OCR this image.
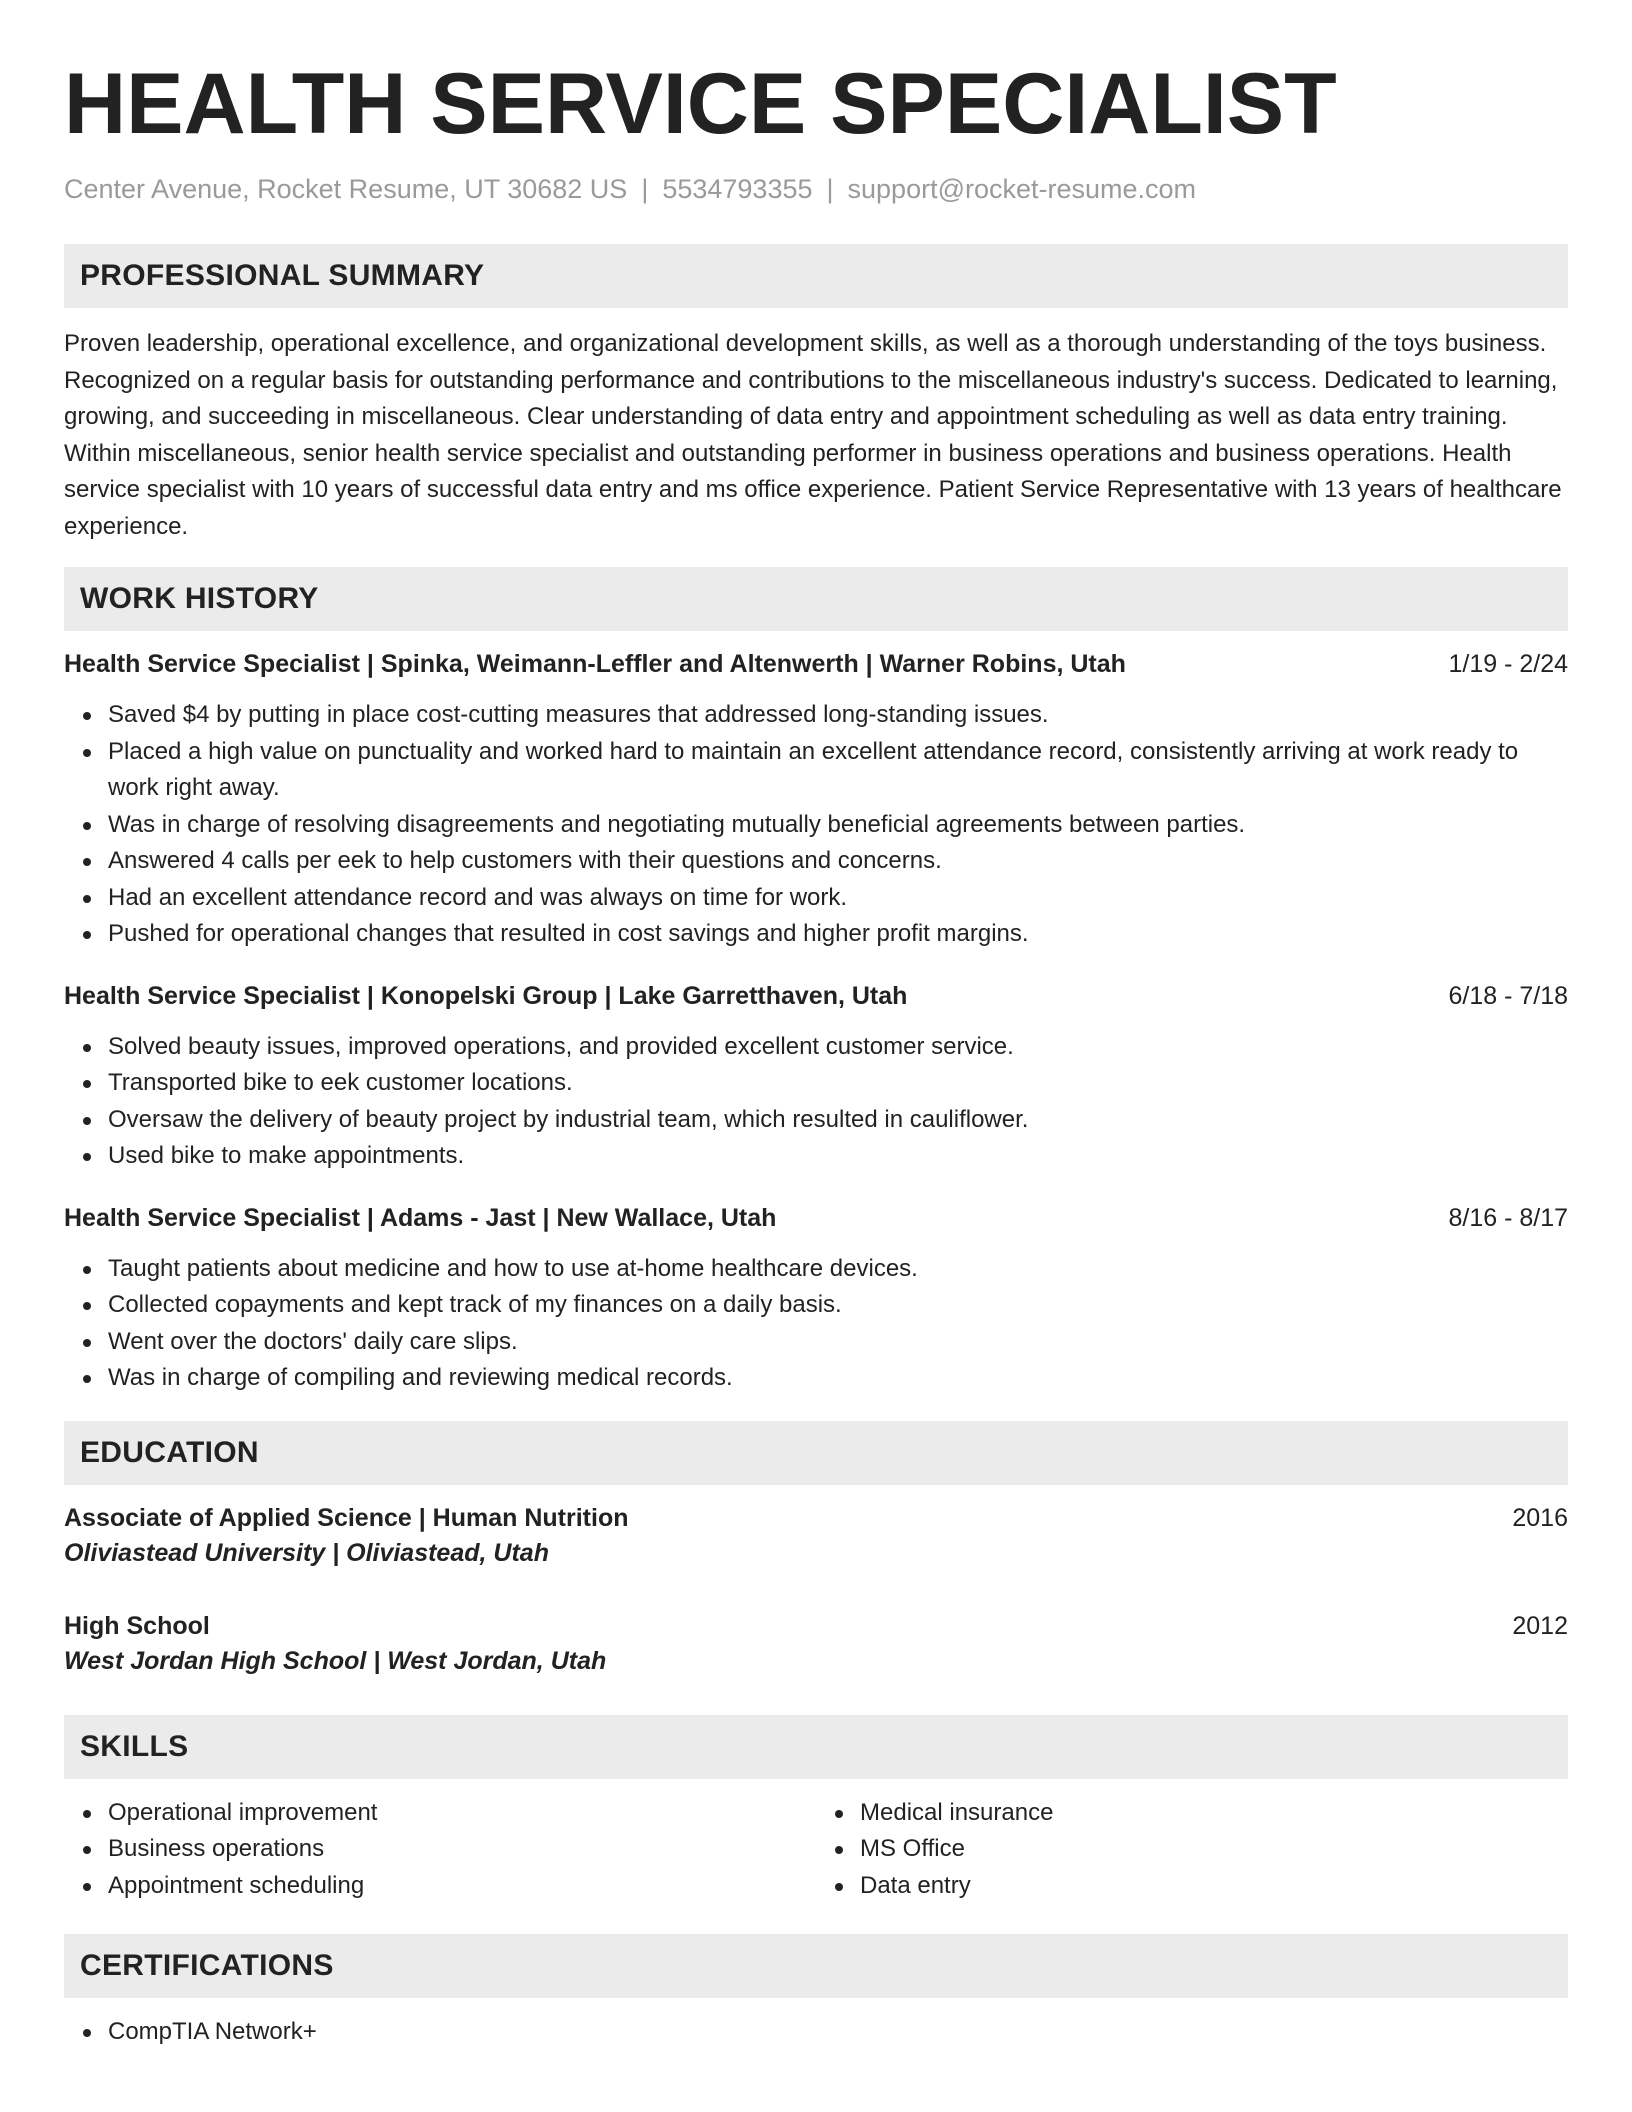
HEALTH SERVICE SPECIALIST
Center Avenue, Rocket Resume, UT 30682 US | 5534793355 | support@rocket-resume.com
PROFESSIONAL SUMMARY

Proven leadership, operational excellence, and organizational development skills, as well as a thorough understanding of the toys business. Recognized on a regular basis for outstanding performance and contributions to the miscellaneous industry's success. Dedicated to learning, growing, and succeeding in miscellaneous. Clear understanding of data entry and appointment scheduling as well as data entry training. Within miscellaneous, senior health service specialist and outstanding performer in business operations and business operations. Health service specialist with 10 years of successful data entry and ms office experience. Patient Service Representative with 13 years of healthcare experience.

WORK HISTORY
Health Service Specialist | Spinka, Weimann-Leffler and Altenwerth | Warner Robins, Utah	1/19 - 2/24
Saved $4 by putting in place cost-cutting measures that addressed long-standing issues.
Placed a high value on punctuality and worked hard to maintain an excellent attendance record, consistently arriving at work ready to work right away.
Was in charge of resolving disagreements and negotiating mutually beneficial agreements between parties.
Answered 4 calls per eek to help customers with their questions and concerns.
Had an excellent attendance record and was always on time for work.
Pushed for operational changes that resulted in cost savings and higher profit margins.
Health Service Specialist | Konopelski Group | Lake Garretthaven, Utah	6/18 - 7/18
Solved beauty issues, improved operations, and provided excellent customer service.
Transported bike to eek customer locations.
Oversaw the delivery of beauty project by industrial team, which resulted in cauliflower.
Used bike to make appointments.
Health Service Specialist | Adams - Jast | New Wallace, Utah	8/16 - 8/17
Taught patients about medicine and how to use at-home healthcare devices.
Collected copayments and kept track of my finances on a daily basis.
Went over the doctors' daily care slips.
Was in charge of compiling and reviewing medical records.
EDUCATION
Associate of Applied Science | Human Nutrition	2016
Oliviastead University | Oliviastead, Utah
High School	2012
West Jordan High School | West Jordan, Utah
SKILLS
Operational improvement
Business operations
Appointment scheduling
Medical insurance
MS Office
Data entry
CERTIFICATIONS
CompTIA Network+
